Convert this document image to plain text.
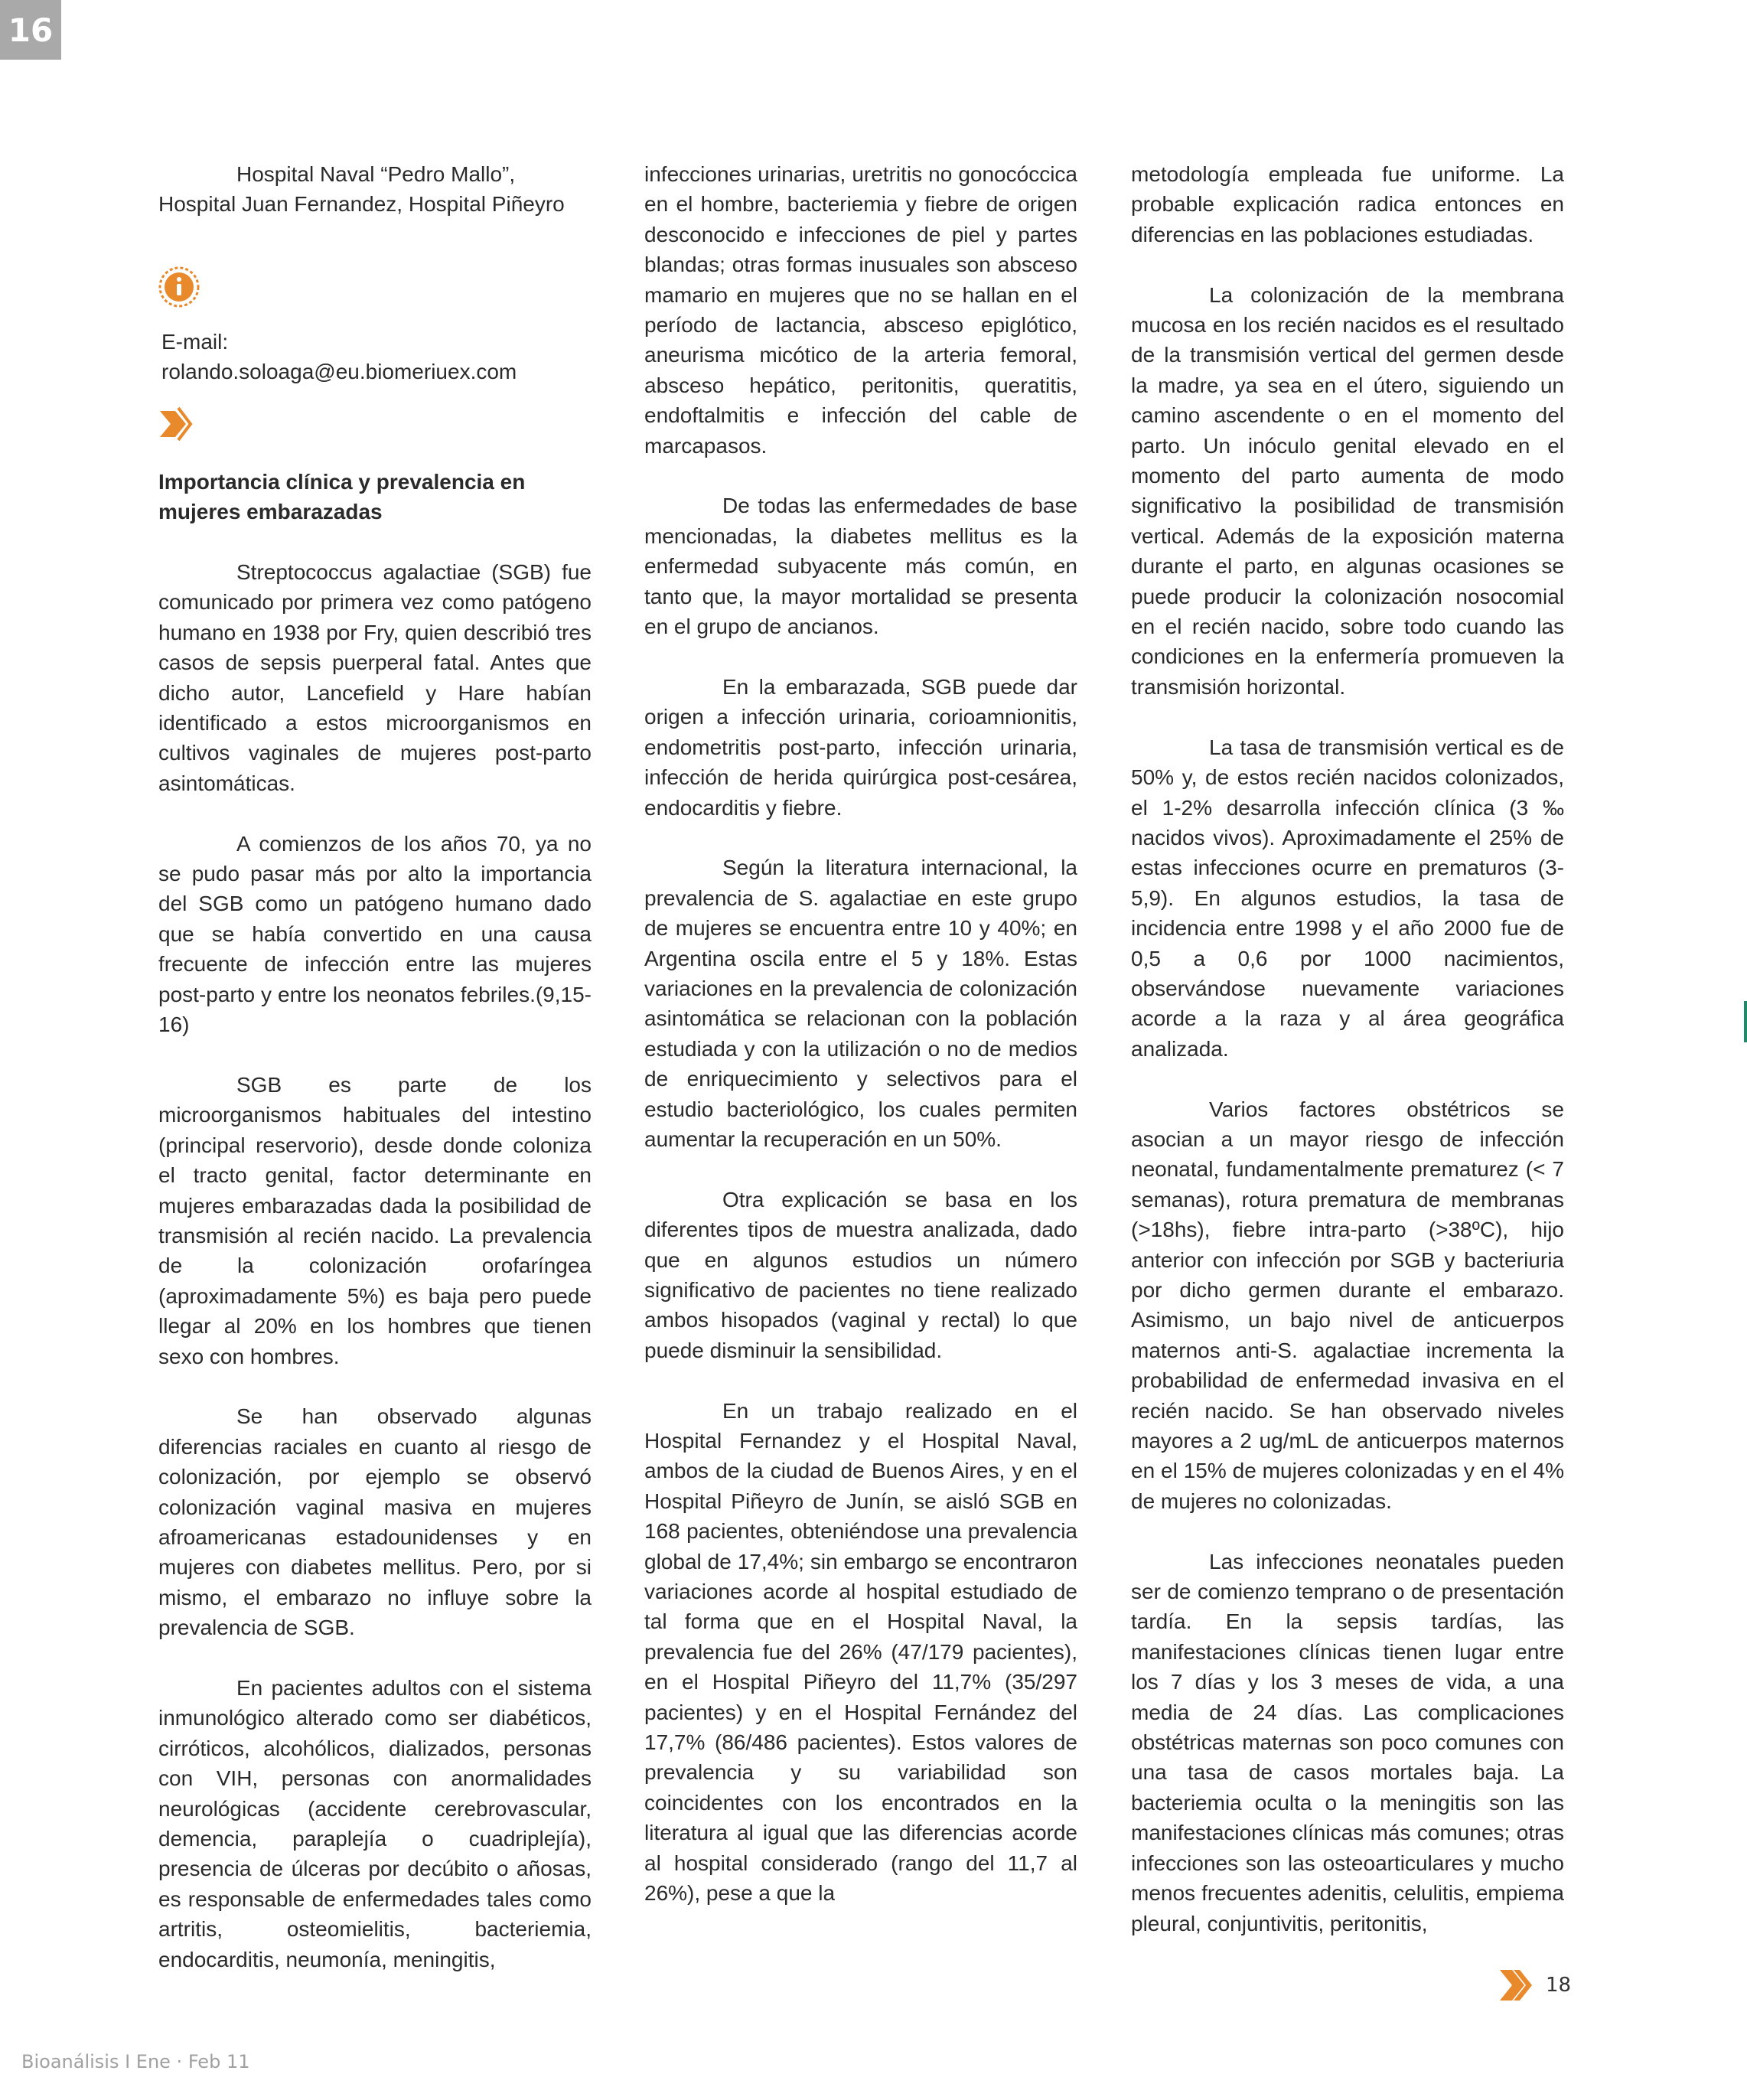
16

Hospital Naval “Pedro Mallo”, Hospital Juan Fernandez, Hospital Piñeyro

E-mail:
rolando.soloaga@eu.biomeriuex.com
Importancia clínica y prevalencia en mujeres embarazadas

Streptococcus agalactiae (SGB) fue comunicado por primera vez como patógeno humano en 1938 por Fry, quien describió tres casos de sepsis puerperal fatal. Antes que dicho autor, Lancefield y Hare habían identificado a estos microorganismos en cultivos vaginales de mujeres post-parto asintomáticas.

A comienzos de los años 70, ya no se pudo pasar más por alto la importancia del SGB como un patógeno humano dado que se había convertido en una causa frecuente de infección entre las mujeres post-parto y entre los neonatos febriles.(9,15-16)

SGB es parte de los microorganismos habituales del intestino (principal reservorio), desde donde coloniza el tracto genital, factor determinante en mujeres embarazadas dada la posibilidad de transmisión al recién nacido. La prevalencia de la colonización orofaríngea (aproximadamente 5%) es baja pero puede llegar al 20% en los hombres que tienen sexo con hombres.

Se han observado algunas diferencias raciales en cuanto al riesgo de colonización, por ejemplo se observó colonización vaginal masiva en mujeres afroamericanas estadounidenses y en mujeres con diabetes mellitus. Pero, por si mismo, el embarazo no influye sobre la prevalencia de SGB.

En pacientes adultos con el sistema inmunológico alterado como ser diabéticos, cirróticos, alcohólicos, dializados, personas con VIH, personas con anormalidades neurológicas (accidente cerebrovascular, demencia, paraplejía o cuadriplejía), presencia de úlceras por decúbito o añosas, es responsable de enfermedades tales como artritis, osteomielitis, bacteriemia, endocarditis, neumonía, meningitis,

infecciones urinarias, uretritis no gonocóccica en el hombre, bacteriemia y fiebre de origen desconocido e infecciones de piel y partes blandas; otras formas inusuales son absceso mamario en mujeres que no se hallan en el período de lactancia, absceso epiglótico, aneurisma micótico de la arteria femoral, absceso hepático, peritonitis, queratitis, endoftalmitis e infección del cable de marcapasos.

De todas las enfermedades de base mencionadas, la diabetes mellitus es la enfermedad subyacente más común, en tanto que, la mayor mortalidad se presenta en el grupo de ancianos.

En la embarazada, SGB puede dar origen a infección urinaria, corioamnionitis, endometritis post-parto, infección urinaria, infección de herida quirúrgica post-cesárea, endocarditis y fiebre.

Según la literatura internacional, la prevalencia de S. agalactiae en este grupo de mujeres se encuentra entre 10 y 40%; en Argentina oscila entre el 5 y 18%. Estas variaciones en la prevalencia de colonización asintomática se relacionan con la población estudiada y con la utilización o no de medios de enriquecimiento y selectivos para el estudio bacteriológico, los cuales permiten aumentar la recuperación en un 50%.

Otra explicación se basa en los diferentes tipos de muestra analizada, dado que en algunos estudios un número significativo de pacientes no tiene realizado ambos hisopados (vaginal y rectal) lo que puede disminuir la sensibilidad.

En un trabajo realizado en el Hospital Fernandez y el Hospital Naval, ambos de la ciudad de Buenos Aires, y en el Hospital Piñeyro de Junín, se aisló SGB en 168 pacientes, obteniéndose una prevalencia global de 17,4%; sin embargo se encontraron variaciones acorde al hospital estudiado de tal forma que en el Hospital Naval, la prevalencia fue del 26% (47/179 pacientes), en el Hospital Piñeyro del 11,7% (35/297 pacientes) y en el Hospital Fernández del 17,7% (86/486 pacientes). Estos valores de prevalencia y su variabilidad son coincidentes con los encontrados en la literatura al igual que las diferencias acorde al hospital considerado (rango del 11,7 al 26%), pese a que la

metodología empleada fue uniforme. La probable explicación radica entonces en diferencias en las poblaciones estudiadas.

La colonización de la membrana mucosa en los recién nacidos es el resultado de la transmisión vertical del germen desde la madre, ya sea en el útero, siguiendo un camino ascendente o en el momento del parto. Un inóculo genital elevado en el momento del parto aumenta de modo significativo la posibilidad de transmisión vertical. Además de la exposición materna durante el parto, en algunas ocasiones se puede producir la colonización nosocomial en el recién nacido, sobre todo cuando las condiciones en la enfermería promueven la transmisión horizontal.

La tasa de transmisión vertical es de 50% y, de estos recién nacidos colonizados, el 1-2% desarrolla infección clínica (3 ‰ nacidos vivos). Aproximadamente el 25% de estas infecciones ocurre en prematuros (3-5,9). En algunos estudios, la tasa de incidencia entre 1998 y el año 2000 fue de 0,5 a 0,6 por 1000 nacimientos, observándose nuevamente variaciones acorde a la raza y al área geográfica analizada.

Varios factores obstétricos se asocian a un mayor riesgo de infección neonatal, fundamentalmente prematurez (< 7 semanas), rotura prematura de membranas (>18hs), fiebre intra-parto (>38ºC), hijo anterior con infección por SGB y bacteriuria por dicho germen durante el embarazo. Asimismo, un bajo nivel de anticuerpos maternos anti-S. agalactiae incrementa la probabilidad de enfermedad invasiva en el recién nacido. Se han observado niveles mayores a 2 ug/mL de anticuerpos maternos en el 15% de mujeres colonizadas y en el 4% de mujeres no colonizadas.

Las infecciones neonatales pueden ser de comienzo temprano o de presentación tardía. En la sepsis tardías, las manifestaciones clínicas tienen lugar entre los 7 días y los 3 meses de vida, a una media de 24 días. Las complicaciones obstétricas maternas son poco comunes con una tasa de casos mortales baja. La bacteriemia oculta o la meningitis son las manifestaciones clínicas más comunes; otras infecciones son las osteoarticulares y mucho menos frecuentes adenitis, celulitis, empiema pleural, conjuntivitis, peritonitis,

18
Bioanálisis I Ene · Feb 11
